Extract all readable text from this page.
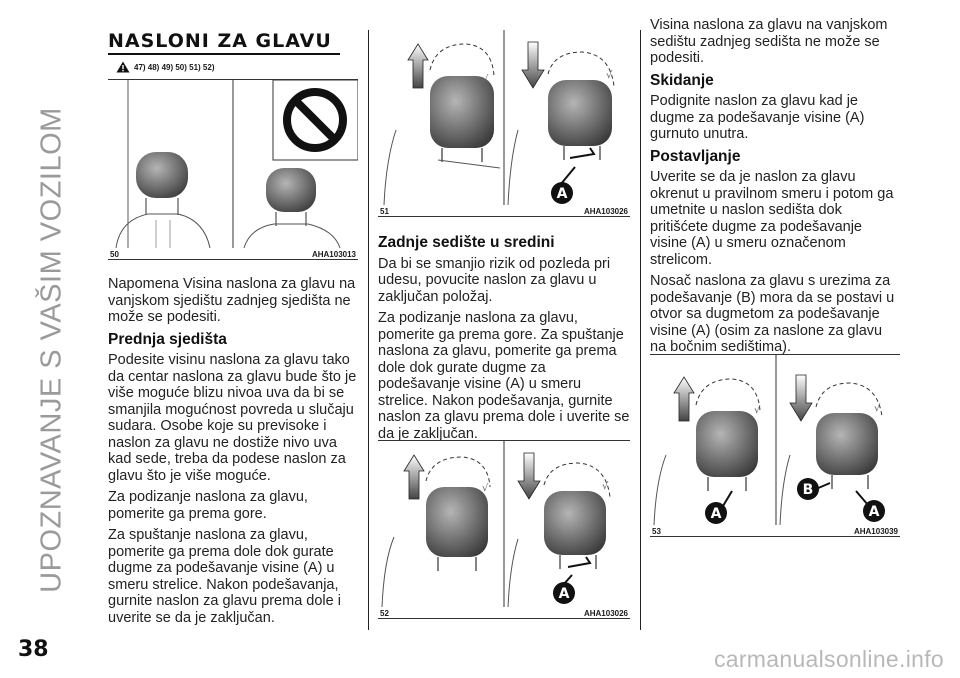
UPOZNAVANJE S VAŠIM VOZILOM
38	carmanualsonline.info
NASLONI ZA GLAVU
47) 48) 49) 50) 51) 52)
50	AHA103013

Napomena Visina naslona za glavu na vanjskom sjedištu zadnjeg sjedišta ne može se podesiti.

Prednja sjedišta

Podesite visinu naslona za glavu tako da centar naslona za glavu bude što je više moguće blizu nivoa uva da bi se smanjila mogućnost povreda u slučaju sudara. Osobe koje su previsoke i naslon za glavu ne dostiže nivo uva kad sede, treba da podese naslon za glavu što je više moguće.

Za podizanje naslona za glavu, pomerite ga prema gore.

Za spuštanje naslona za glavu, pomerite ga prema dole dok gurate dugme za podešavanje visine (A) u smeru strelice. Nakon podešavanja, gurnite naslon za glavu prema dole i uverite se da je zaključan.

√	√
A
51	AHA103026
Zadnje sedište u sredini

Da bi se smanjio rizik od pozleda pri udesu, povucite naslon za glavu u zaključan položaj.

Za podizanje naslona za glavu, pomerite ga prema gore. Za spuštanje naslona za glavu, pomerite ga prema dole dok gurate dugme za podešavanje visine (A) u smeru strelice. Nakon podešavanja, gurnite naslon za glavu prema dole i uverite se da je zaključan.

√	√
A
52	AHA103026

Visina naslona za glavu na vanjskom sedištu zadnjeg sedišta ne može se podesiti.

Skidanje

Podignite naslon za glavu kad je dugme za podešavanje visine (A) gurnuto unutra.

Postavljanje

Uverite se da je naslon za glavu okrenut u pravilnom smeru i potom ga umetnite u naslon sedišta dok pritišćete dugme za podešavanje visine (A) u smeru označenom strelicom.

Nosač naslona za glavu s urezima za podešavanje (B) mora da se postavi u otvor sa dugmetom za podešavanje visine (A) (osim za naslone za glavu na bočnim sedištima).

√
A
√
B
A
53	AHA103039
